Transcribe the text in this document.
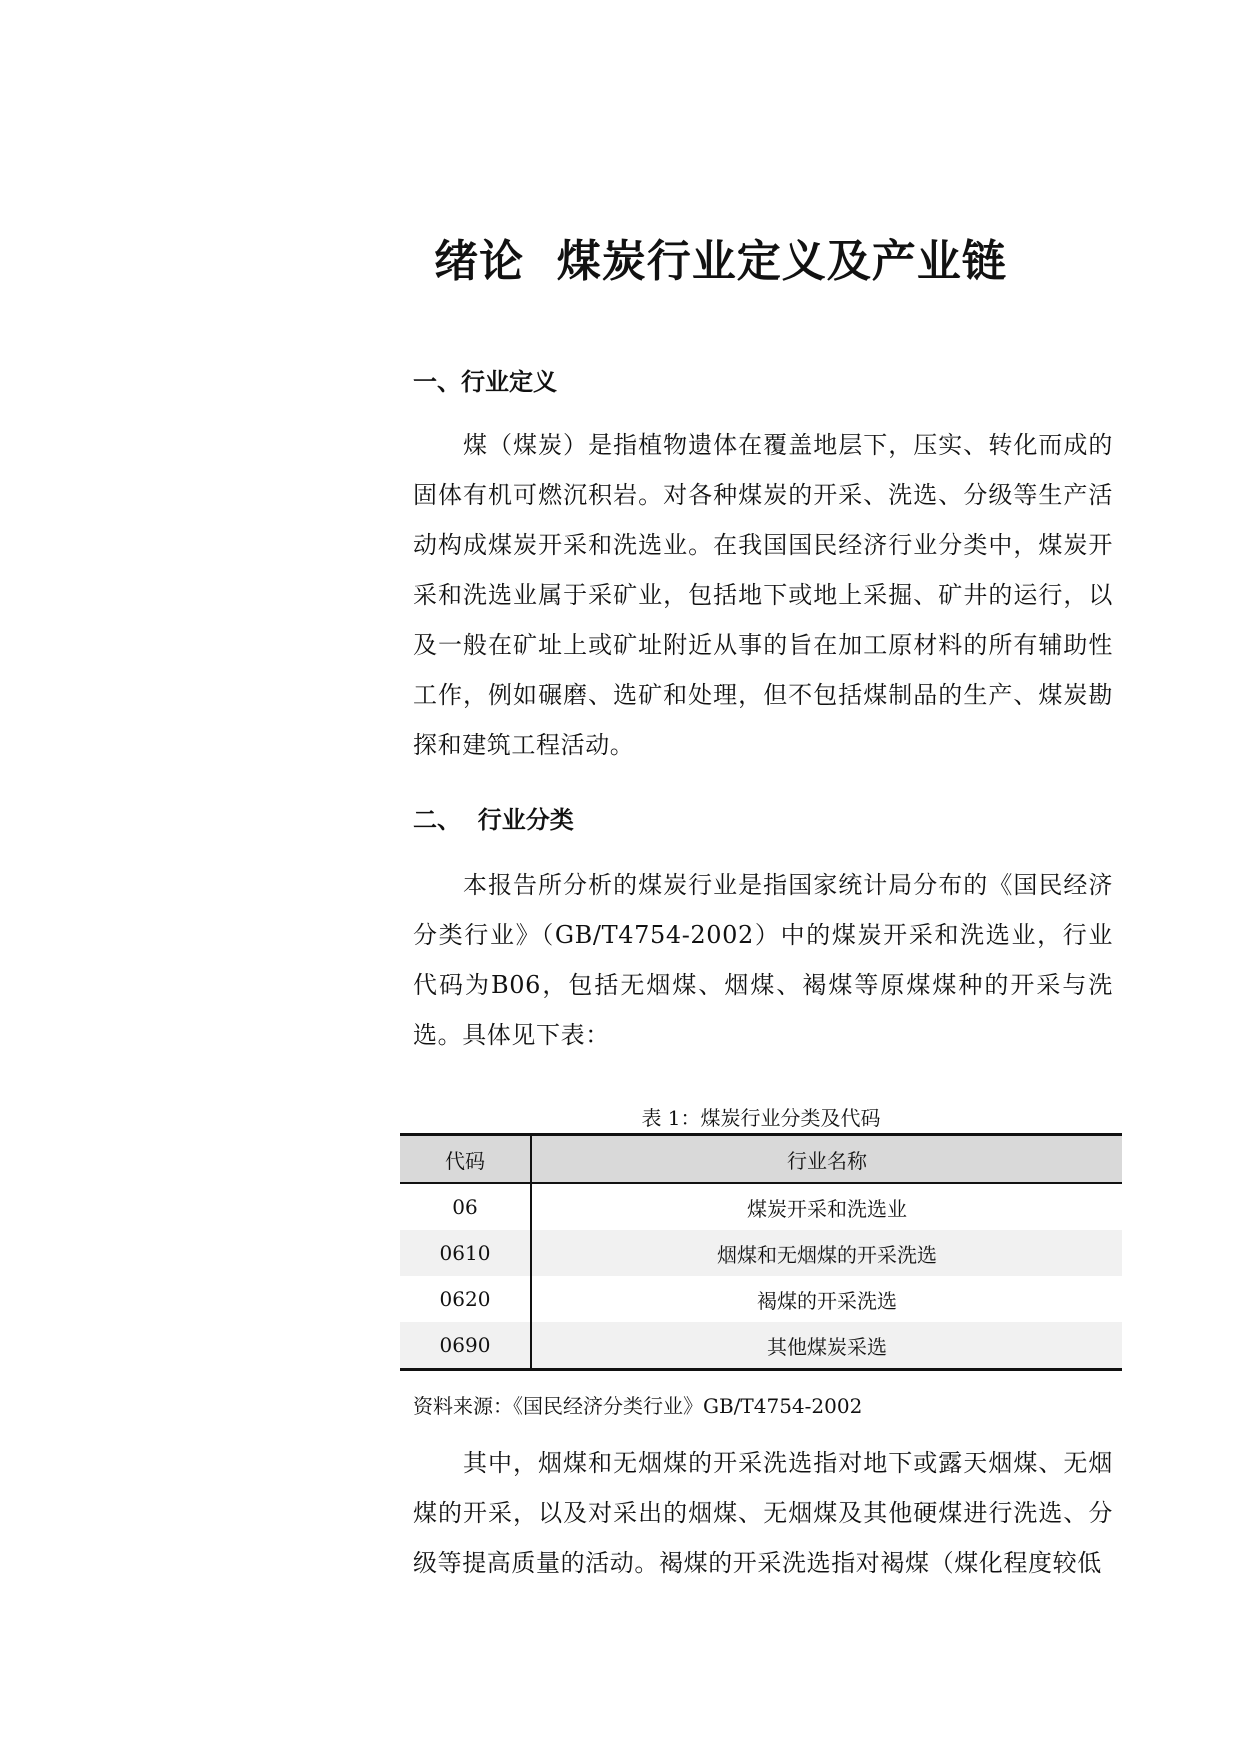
绪论  煤炭行业定义及产业链
一、行业定义

煤（煤炭）是指植物遗体在覆盖地层下，压实、转化而成的固体有机可燃沉积岩。对各种煤炭的开采、洗选、分级等生产活动构成煤炭开采和洗选业。在我国国民经济行业分类中，煤炭开采和洗选业属于采矿业，包括地下或地上采掘、矿井的运行，以及一般在矿址上或矿址附近从事的旨在加工原材料的所有辅助性工作，例如碾磨、选矿和处理，但不包括煤制品的生产、煤炭勘探和建筑工程活动。

二、  行业分类

本报告所分析的煤炭行业是指国家统计局分布的《国民经济分类行业》（GB/T4754-2002）中的煤炭开采和洗选业，行业代码为B06，包括无烟煤、烟煤、褐煤等原煤煤种的开采与洗选。具体见下表：

表 1：煤炭行业分类及代码
代码	行业名称
06	煤炭开采和洗选业
0610	烟煤和无烟煤的开采洗选
0620	褐煤的开采洗选
0690	其他煤炭采选
资料来源：《国民经济分类行业》GB/T4754-2002

其中，烟煤和无烟煤的开采洗选指对地下或露天烟煤、无烟煤的开采，以及对采出的烟煤、无烟煤及其他硬煤进行洗选、分级等提高质量的活动。褐煤的开采洗选指对褐煤（煤化程度较低
